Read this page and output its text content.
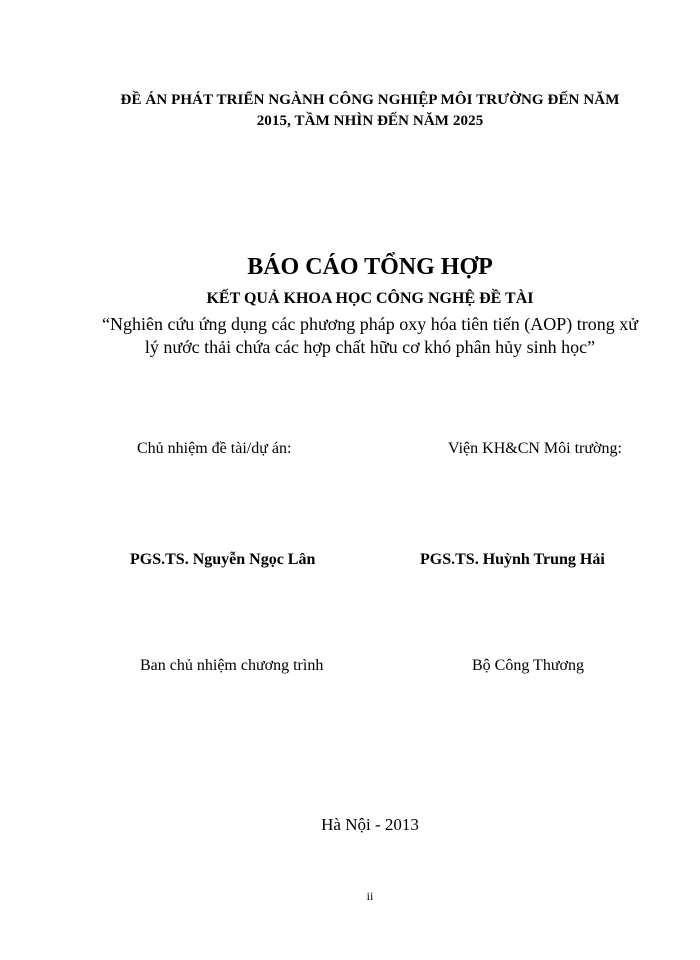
ĐỀ ÁN PHÁT TRIỂN NGÀNH CÔNG NGHIỆP MÔI TRƯỜNG ĐẾN NĂM
2015, TẦM NHÌN ĐẾN NĂM 2025
BÁO CÁO TỔNG HỢP
KẾT QUẢ KHOA HỌC CÔNG NGHỆ ĐỀ TÀI
“Nghiên cứu ứng dụng các phương pháp oxy hóa tiên tiến (AOP) trong xử
lý nước thải chứa các hợp chất hữu cơ khó phân hủy sinh học”
Chủ nhiệm đề tài/dự án:	Viện KH&CN Môi trường:
PGS.TS. Nguyễn Ngọc Lân	PGS.TS. Huỳnh Trung Hải
Ban chủ nhiệm chương trình	Bộ Công Thương
Hà Nội - 2013
ii
